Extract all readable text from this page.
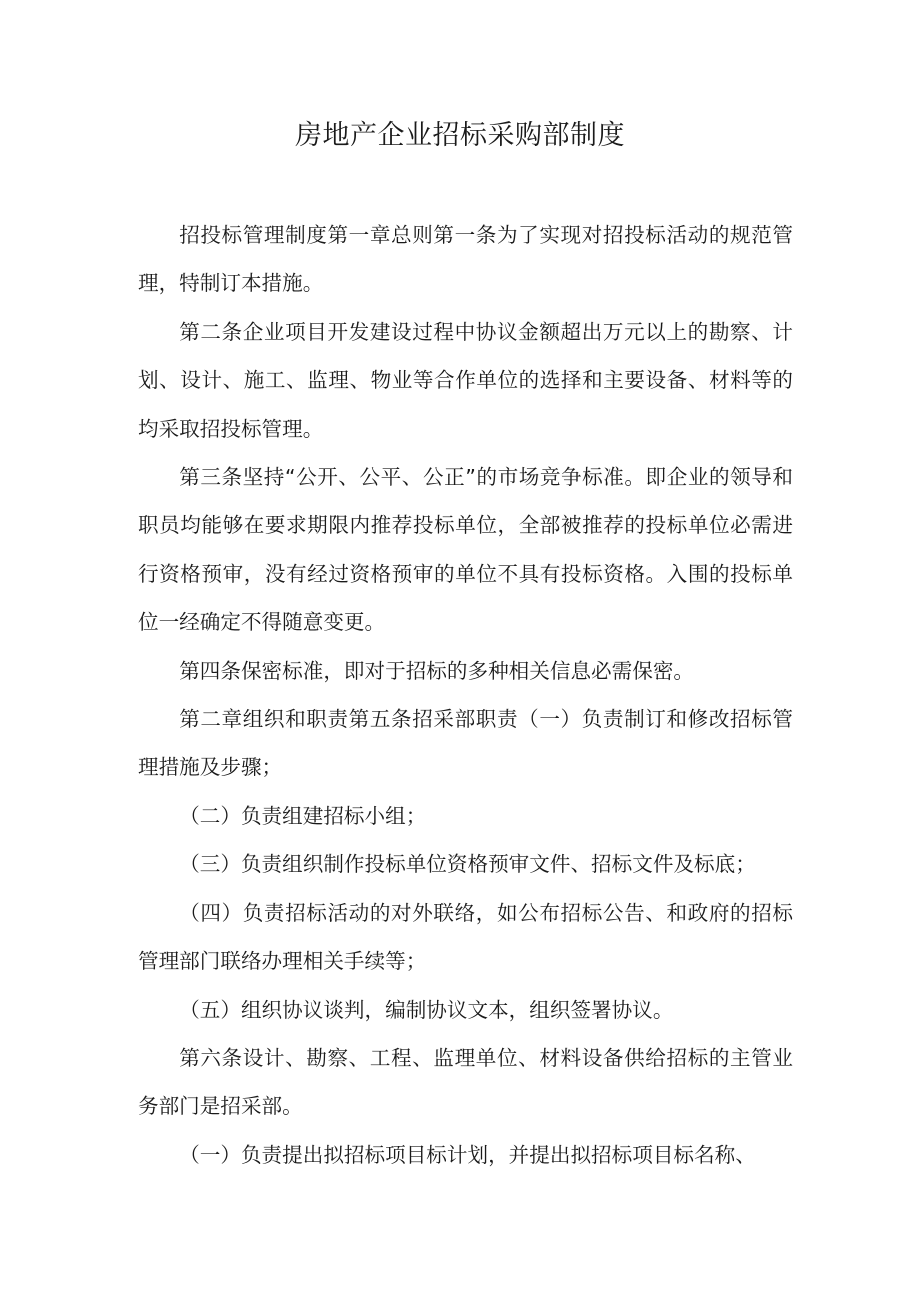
房地产企业招标采购部制度

招投标管理制度第一章总则第一条为了实现对招投标活动的规范管理，特制订本措施。

第二条企业项目开发建设过程中协议金额超出万元以上的勘察、计划、设计、施工、监理、物业等合作单位的选择和主要设备、材料等的均采取招投标管理。

第三条坚持“公开、公平、公正”的市场竞争标准。即企业的领导和职员均能够在要求期限内推荐投标单位，全部被推荐的投标单位必需进行资格预审，没有经过资格预审的单位不具有投标资格。入围的投标单位一经确定不得随意变更。

第四条保密标准，即对于招标的多种相关信息必需保密。

第二章组织和职责第五条招采部职责（一）负责制订和修改招标管理措施及步骤；

（二）负责组建招标小组；

（三）负责组织制作投标单位资格预审文件、招标文件及标底；

（四）负责招标活动的对外联络，如公布招标公告、和政府的招标管理部门联络办理相关手续等；

（五）组织协议谈判，编制协议文本，组织签署协议。

第六条设计、勘察、工程、监理单位、材料设备供给招标的主管业务部门是招采部。

（一）负责提出拟招标项目标计划，并提出拟招标项目标名称、
